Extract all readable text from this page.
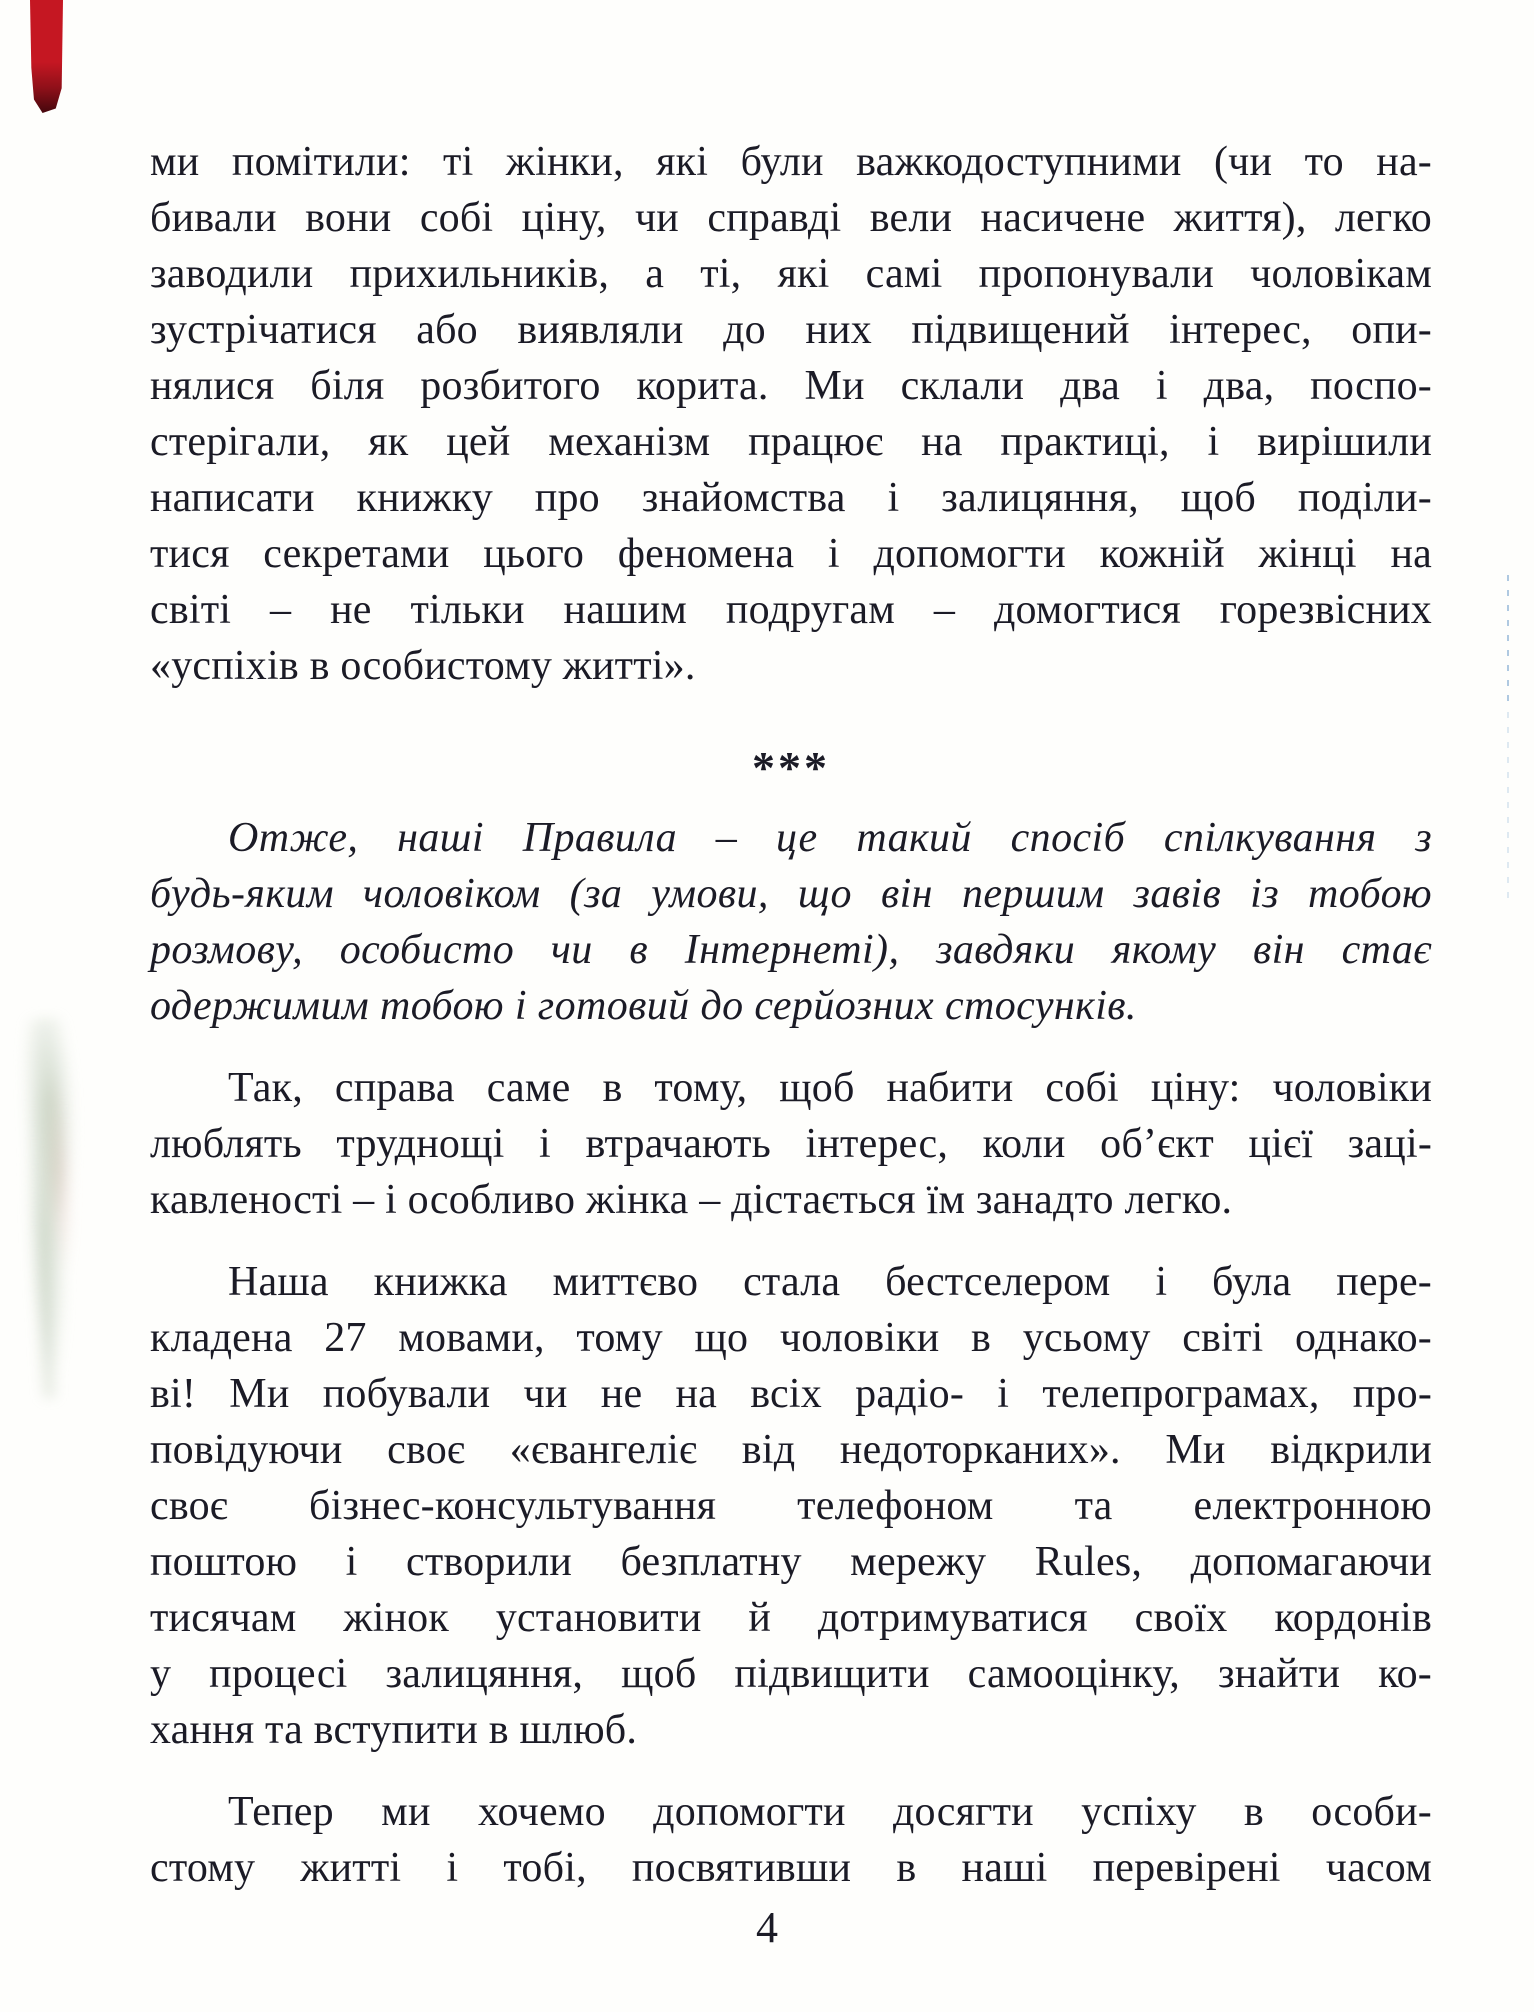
ми помітили: ті жінки, які були важкодоступними (чи то на-
бивали вони собі ціну, чи справді вели насичене життя), легко
заводили прихильників, а ті, які самі пропонували чоловікам
зустрічатися або виявляли до них підвищений інтерес, опи-
нялися біля розбитого корита. Ми склали два і два, поспо-
стерігали, як цей механізм працює на практиці, і вирішили
написати книжку про знайомства і залицяння, щоб поділи-
тися секретами цього феномена і допомогти кожній жінці на
світі – не тільки нашим подругам – домогтися горезвісних
«успіхів в особистому житті».
***
Отже, наші Правила – це такий спосіб спілкування з
будь-яким чоловіком (за умови, що він першим завів із тобою
розмову, особисто чи в Інтернеті), завдяки якому він стає
одержимим тобою і готовий до серйозних стосунків.
Так, справа саме в тому, щоб набити собі ціну: чоловіки
люблять труднощі і втрачають інтерес, коли об’єкт цієї заці-
кавленості – і особливо жінка – дістається їм занадто легко.
Наша книжка миттєво стала бестселером і була пере-
кладена 27 мовами, тому що чоловіки в усьому світі однако-
ві! Ми побували чи не на всіх радіо- і телепрограмах, про-
повідуючи своє «євангеліє від недоторканих». Ми відкрили
своє бізнес-консультування телефоном та електронною
поштою і створили безплатну мережу Rules, допомагаючи
тисячам жінок установити й дотримуватися своїх кордонів
у процесі залицяння, щоб підвищити самооцінку, знайти ко-
хання та вступити в шлюб.
Тепер ми хочемо допомогти досягти успіху в особи-
стому житті і тобі, посвятивши в наші перевірені часом
4
